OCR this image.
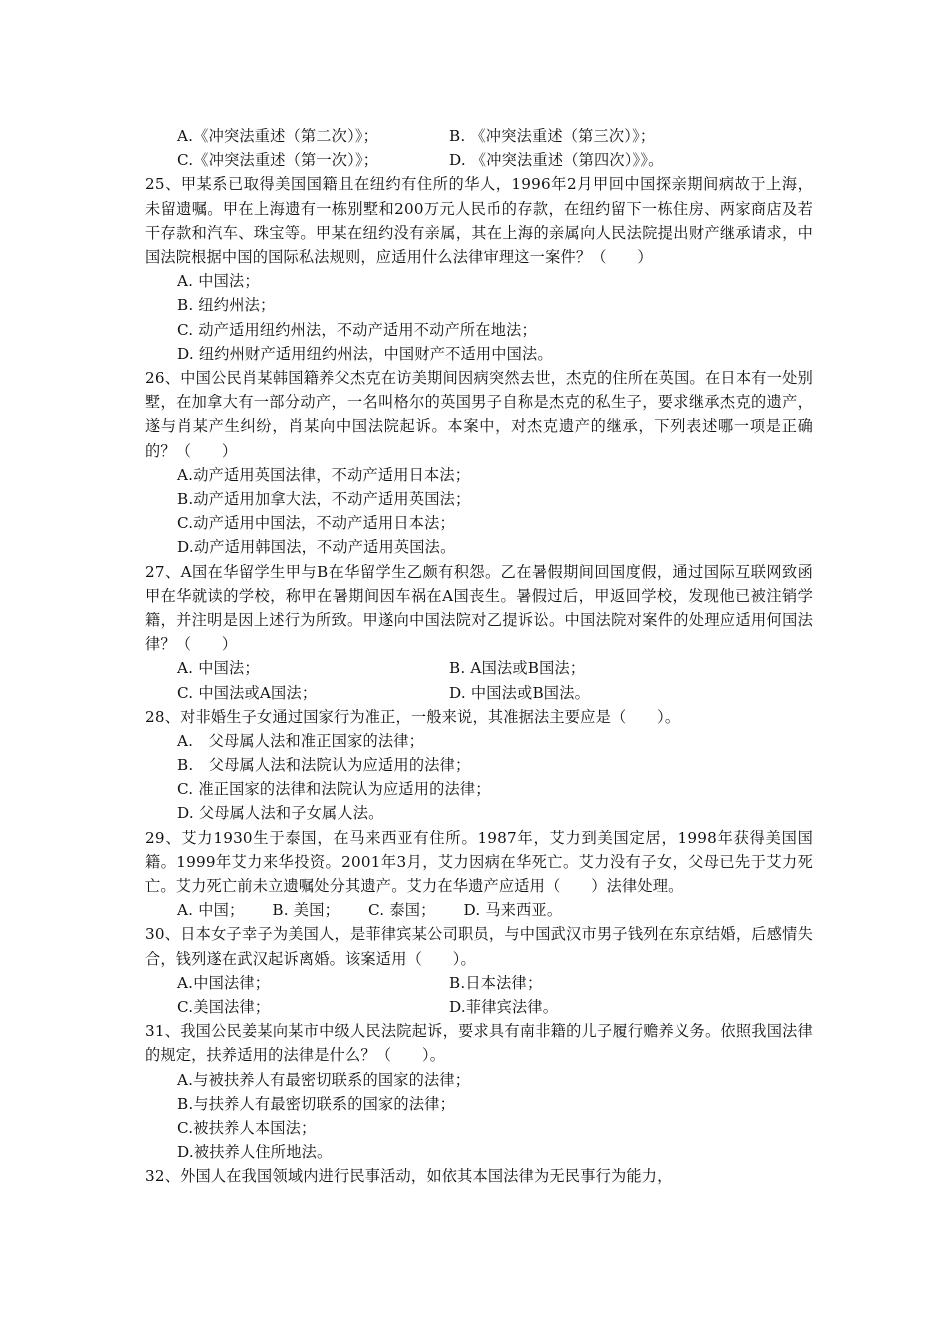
A.《冲突法重述（第二次）》；	B. 《冲突法重述（第三次）》；
C.《冲突法重述（第一次）》；	D. 《冲突法重述（第四次）》》。
25、甲某系已取得美国国籍且在纽约有住所的华人，1996年2月甲回中国探亲期间病故于上海，未留遗嘱。甲在上海遗有一栋别墅和200万元人民币的存款，在纽约留下一栋住房、两家商店及若干存款和汽车、珠宝等。甲某在纽约没有亲属，其在上海的亲属向人民法院提出财产继承请求，中国法院根据中国的国际私法规则，应适用什么法律审理这一案件？（　　）
A. 中国法；
B. 纽约州法；
C. 动产适用纽约州法，不动产适用不动产所在地法；
D. 纽约州财产适用纽约州法，中国财产不适用中国法。
26、中国公民肖某韩国籍养父杰克在访美期间因病突然去世，杰克的住所在英国。在日本有一处别墅，在加拿大有一部分动产，一名叫格尔的英国男子自称是杰克的私生子，要求继承杰克的遗产，遂与肖某产生纠纷，肖某向中国法院起诉。本案中，对杰克遗产的继承，下列表述哪一项是正确的？（　　）
A.动产适用英国法律，不动产适用日本法；
B.动产适用加拿大法，不动产适用英国法；
C.动产适用中国法，不动产适用日本法；
D.动产适用韩国法，不动产适用英国法。
27、A国在华留学生甲与B在华留学生乙颇有积怨。乙在暑假期间回国度假，通过国际互联网致函甲在华就读的学校，称甲在暑期间因车祸在A国丧生。暑假过后，甲返回学校，发现他已被注销学籍，并注明是因上述行为所致。甲遂向中国法院对乙提诉讼。中国法院对案件的处理应适用何国法律？（　　）
A. 中国法；	B. A国法或B国法；
C. 中国法或A国法；	D. 中国法或B国法。
28、对非婚生子女通过国家行为准正，一般来说，其准据法主要应是（　　）。
A.　父母属人法和准正国家的法律；
B.　父母属人法和法院认为应适用的法律；
C. 准正国家的法律和法院认为应适用的法律；
D. 父母属人法和子女属人法。
29、艾力1930生于泰国，在马来西亚有住所。1987年，艾力到美国定居，1998年获得美国国籍。1999年艾力来华投资。2001年3月，艾力因病在华死亡。艾力没有子女，父母已先于艾力死亡。艾力死亡前未立遗嘱处分其遗产。艾力在华遗产应适用（　　）法律处理。
A. 中国； B. 美国； C. 泰国； D. 马来西亚。
30、日本女子幸子为美国人，是菲律宾某公司职员，与中国武汉市男子钱列在东京结婚，后感情失合，钱列遂在武汉起诉离婚。该案适用（　　）。
A.中国法律；	B.日本法律；
C.美国法律；	D.菲律宾法律。
31、我国公民姜某向某市中级人民法院起诉，要求具有南非籍的儿子履行赡养义务。依照我国法律的规定，扶养适用的法律是什么？（　　）。
A.与被扶养人有最密切联系的国家的法律；
B.与扶养人有最密切联系的国家的法律；
C.被扶养人本国法；
D.被扶养人住所地法。
32、外国人在我国领域内进行民事活动，如依其本国法律为无民事行为能力，
